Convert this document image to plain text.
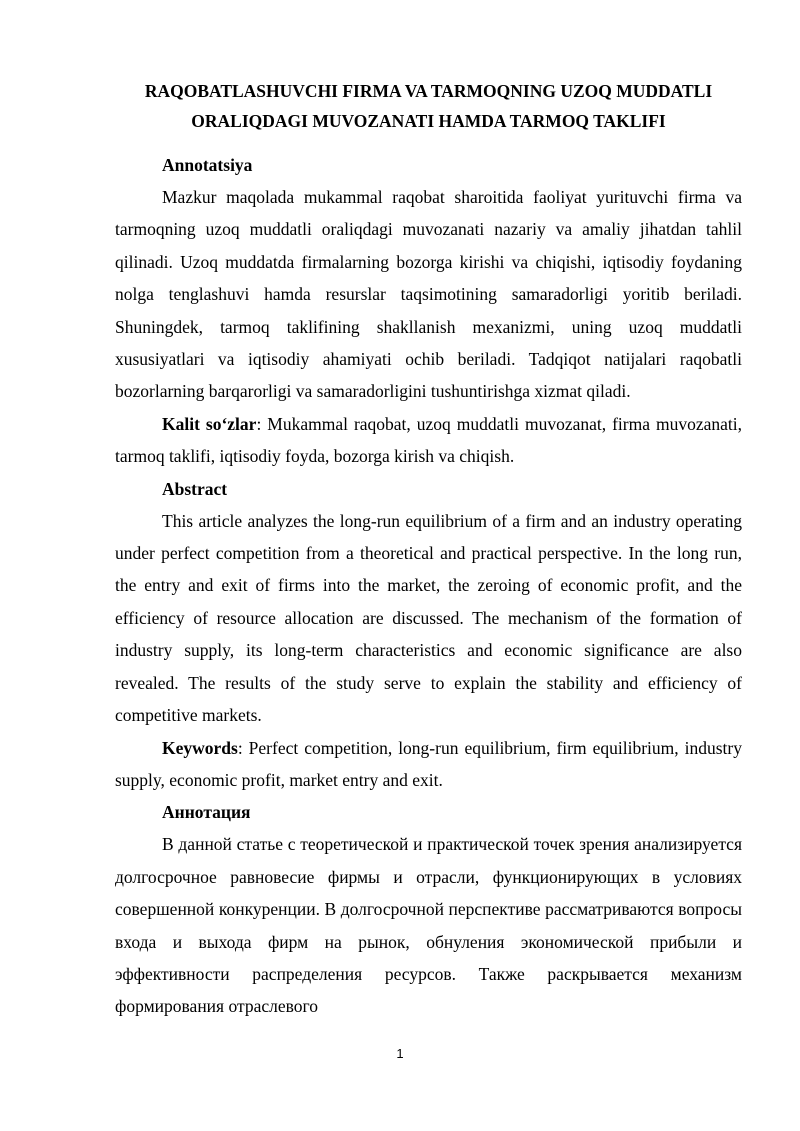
RAQOBATLASHUVCHI FIRMA VA TARMOQNING UZOQ MUDDATLI
ORALIQDAGI MUVOZANATI HAMDA TARMOQ TAKLIFI

Annotatsiya

Mazkur maqolada mukammal raqobat sharoitida faoliyat yurituvchi firma va tarmoqning uzoq muddatli oraliqdagi muvozanati nazariy va amaliy jihatdan tahlil qilinadi. Uzoq muddatda firmalarning bozorga kirishi va chiqishi, iqtisodiy foydaning nolga tenglashuvi hamda resurslar taqsimotining samaradorligi yoritib beriladi. Shuningdek, tarmoq taklifining shakllanish mexanizmi, uning uzoq muddatli xususiyatlari va iqtisodiy ahamiyati ochib beriladi. Tadqiqot natijalari raqobatli bozorlarning barqarorligi va samaradorligini tushuntirishga xizmat qiladi.

Kalit soʻzlar: Mukammal raqobat, uzoq muddatli muvozanat, firma muvozanati, tarmoq taklifi, iqtisodiy foyda, bozorga kirish va chiqish.

Abstract

This article analyzes the long-run equilibrium of a firm and an industry operating under perfect competition from a theoretical and practical perspective. In the long run, the entry and exit of firms into the market, the zeroing of economic profit, and the efficiency of resource allocation are discussed. The mechanism of the formation of industry supply, its long-term characteristics and economic significance are also revealed. The results of the study serve to explain the stability and efficiency of competitive markets.

Keywords: Perfect competition, long-run equilibrium, firm equilibrium, industry supply, economic profit, market entry and exit.

Аннотация

В данной статье с теоретической и практической точек зрения анализируется долгосрочное равновесие фирмы и отрасли, функционирующих в условиях совершенной конкуренции. В долгосрочной перспективе рассматриваются вопросы входа и выхода фирм на рынок, обнуления экономической прибыли и эффективности распределения ресурсов. Также раскрывается механизм формирования отраслевого

1
